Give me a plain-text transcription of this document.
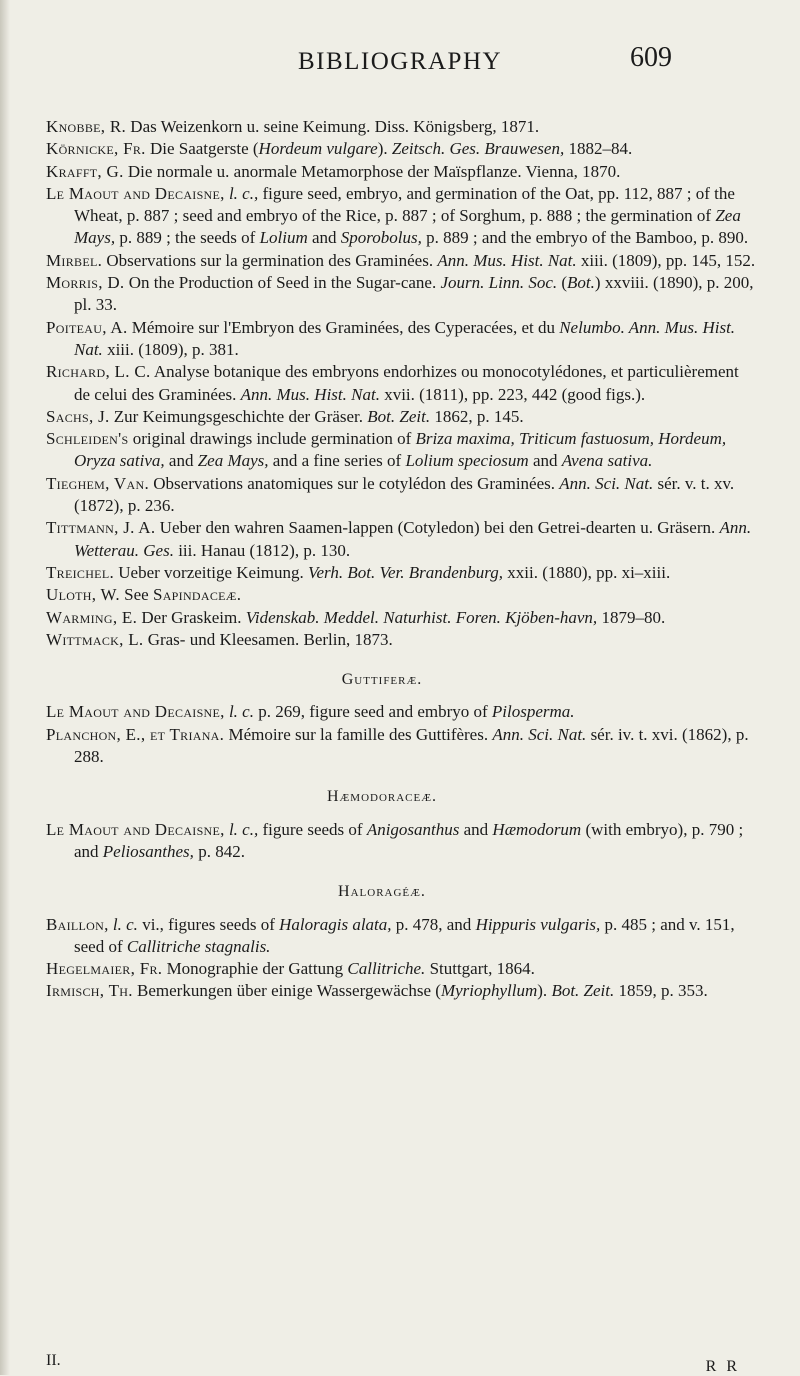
BIBLIOGRAPHY	609

Knobbe, R. Das Weizenkorn u. seine Keimung. Diss. Königsberg, 1871.

Körnicke, Fr. Die Saatgerste (Hordeum vulgare). Zeitsch. Ges. Brauwesen, 1882–84.

Krafft, G. Die normale u. anormale Metamorphose der Maïspflanze. Vienna, 1870.

Le Maout and Decaisne, l. c., figure seed, embryo, and germination of the Oat, pp. 112, 887 ; of the Wheat, p. 887 ; seed and embryo of the Rice, p. 887 ; of Sorghum, p. 888 ; the germination of Zea Mays, p. 889 ; the seeds of Lolium and Sporobolus, p. 889 ; and the embryo of the Bamboo, p. 890.

Mirbel. Observations sur la germination des Graminées. Ann. Mus. Hist. Nat. xiii. (1809), pp. 145, 152.

Morris, D. On the Production of Seed in the Sugar-cane. Journ. Linn. Soc. (Bot.) xxviii. (1890), p. 200, pl. 33.

Poiteau, A. Mémoire sur l'Embryon des Graminées, des Cyperacées, et du Nelumbo. Ann. Mus. Hist. Nat. xiii. (1809), p. 381.

Richard, L. C. Analyse botanique des embryons endorhizes ou monocotylédones, et particulièrement de celui des Graminées. Ann. Mus. Hist. Nat. xvii. (1811), pp. 223, 442 (good figs.).

Sachs, J. Zur Keimungsgeschichte der Gräser. Bot. Zeit. 1862, p. 145.

Schleiden's original drawings include germination of Briza maxima, Triticum fastuosum, Hordeum, Oryza sativa, and Zea Mays, and a fine series of Lolium speciosum and Avena sativa.

Tieghem, Van. Observations anatomiques sur le cotylédon des Graminées. Ann. Sci. Nat. sér. v. t. xv. (1872), p. 236.

Tittmann, J. A. Ueber den wahren Saamen-lappen (Cotyledon) bei den Getrei-dearten u. Gräsern. Ann. Wetterau. Ges. iii. Hanau (1812), p. 130.

Treichel. Ueber vorzeitige Keimung. Verh. Bot. Ver. Brandenburg, xxii. (1880), pp. xi–xiii.

Uloth, W. See Sapindaceæ.

Warming, E. Der Graskeim. Videnskab. Meddel. Naturhist. Foren. Kjöben-havn, 1879–80.

Wittmack, L. Gras- und Kleesamen. Berlin, 1873.

Guttiferæ.

Le Maout and Decaisne, l. c. p. 269, figure seed and embryo of Pilosperma.

Planchon, E., et Triana. Mémoire sur la famille des Guttifères. Ann. Sci. Nat. sér. iv. t. xvi. (1862), p. 288.

Hæmodoraceæ.

Le Maout and Decaisne, l. c., figure seeds of Anigosanthus and Hæmodorum (with embryo), p. 790 ; and Peliosanthes, p. 842.

Haloragéæ.

Baillon, l. c. vi., figures seeds of Haloragis alata, p. 478, and Hippuris vulgaris, p. 485 ; and v. 151, seed of Callitriche stagnalis.

Hegelmaier, Fr. Monographie der Gattung Callitriche. Stuttgart, 1864.

Irmisch, Th. Bemerkungen über einige Wassergewächse (Myriophyllum). Bot. Zeit. 1859, p. 353.

II.	R R
